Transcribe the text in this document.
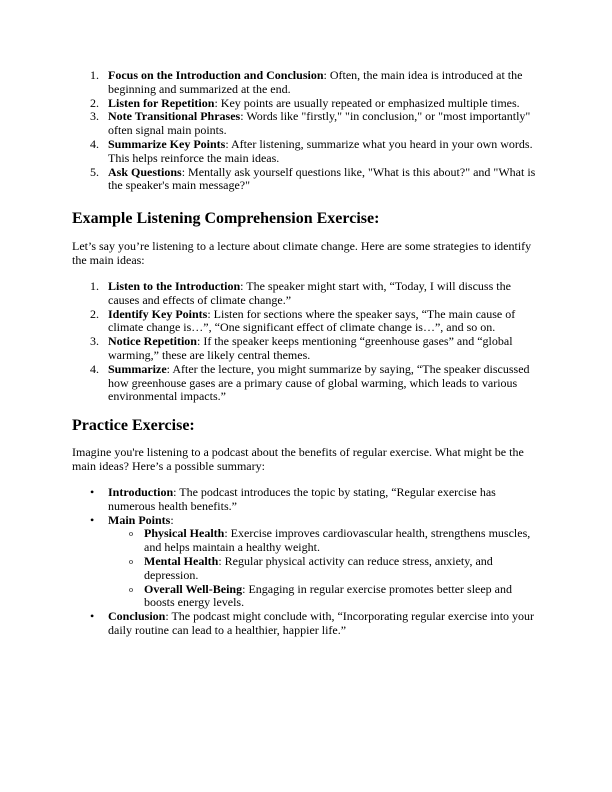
1. Focus on the Introduction and Conclusion: Often, the main idea is introduced at the beginning and summarized at the end.
2. Listen for Repetition: Key points are usually repeated or emphasized multiple times.
3. Note Transitional Phrases: Words like "firstly," "in conclusion," or "most importantly" often signal main points.
4. Summarize Key Points: After listening, summarize what you heard in your own words. This helps reinforce the main ideas.
5. Ask Questions: Mentally ask yourself questions like, "What is this about?" and "What is the speaker's main message?"
Example Listening Comprehension Exercise:

Let’s say you’re listening to a lecture about climate change. Here are some strategies to identify the main ideas:

1. Listen to the Introduction: The speaker might start with, “Today, I will discuss the causes and effects of climate change.”
2. Identify Key Points: Listen for sections where the speaker says, “The main cause of climate change is…”, “One significant effect of climate change is…”, and so on.
3. Notice Repetition: If the speaker keeps mentioning “greenhouse gases” and “global warming,” these are likely central themes.
4. Summarize: After the lecture, you might summarize by saying, “The speaker discussed how greenhouse gases are a primary cause of global warming, which leads to various environmental impacts.”
Practice Exercise:

Imagine you're listening to a podcast about the benefits of regular exercise. What might be the main ideas? Here’s a possible summary:

• Introduction: The podcast introduces the topic by stating, “Regular exercise has numerous health benefits.”
• Main Points:
o Physical Health: Exercise improves cardiovascular health, strengthens muscles, and helps maintain a healthy weight.
o Mental Health: Regular physical activity can reduce stress, anxiety, and depression.
o Overall Well-Being: Engaging in regular exercise promotes better sleep and boosts energy levels.
• Conclusion: The podcast might conclude with, “Incorporating regular exercise into your daily routine can lead to a healthier, happier life.”
